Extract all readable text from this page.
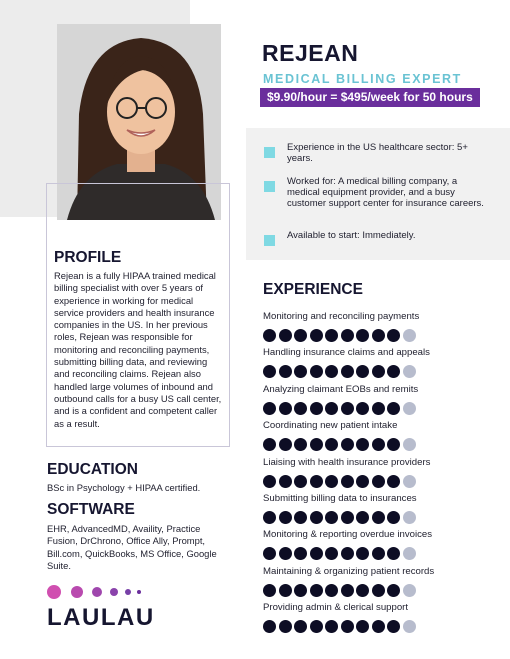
REJEAN
MEDICAL BILLING EXPERT
$9.90/hour = $495/week for 50 hours
Experience in the US healthcare sector: 5+ years.
Worked for: A medical billing company, a medical equipment provider, and a busy customer support center for insurance careers.
Available to start: Immediately.
PROFILE
Rejean is a fully HIPAA trained medical billing specialist with over 5 years of experience in working for medical service providers and health insurance companies in the US. In her previous roles, Rejean was responsible for monitoring and reconciling payments, submitting billing data, and reviewing and reconciling claims. Rejean also handled large volumes of inbound and outbound calls for a busy US call center, and is a confident and competent caller as a result.
EDUCATION
BSc in Psychology + HIPAA certified.
SOFTWARE
EHR, AdvancedMD, Availity, Practice Fusion, DrChrono, Office Ally, Prompt, Bill.com, QuickBooks, MS Office, Google Suite.
LAULAU
EXPERIENCE
Monitoring and reconciling payments
Handling insurance claims and appeals
Analyzing claimant EOBs and remits
Coordinating new patient intake
Liaising with health insurance providers
Submitting billing data to insurances
Monitoring & reporting overdue invoices
Maintaining & organizing patient records
Providing admin & clerical support
